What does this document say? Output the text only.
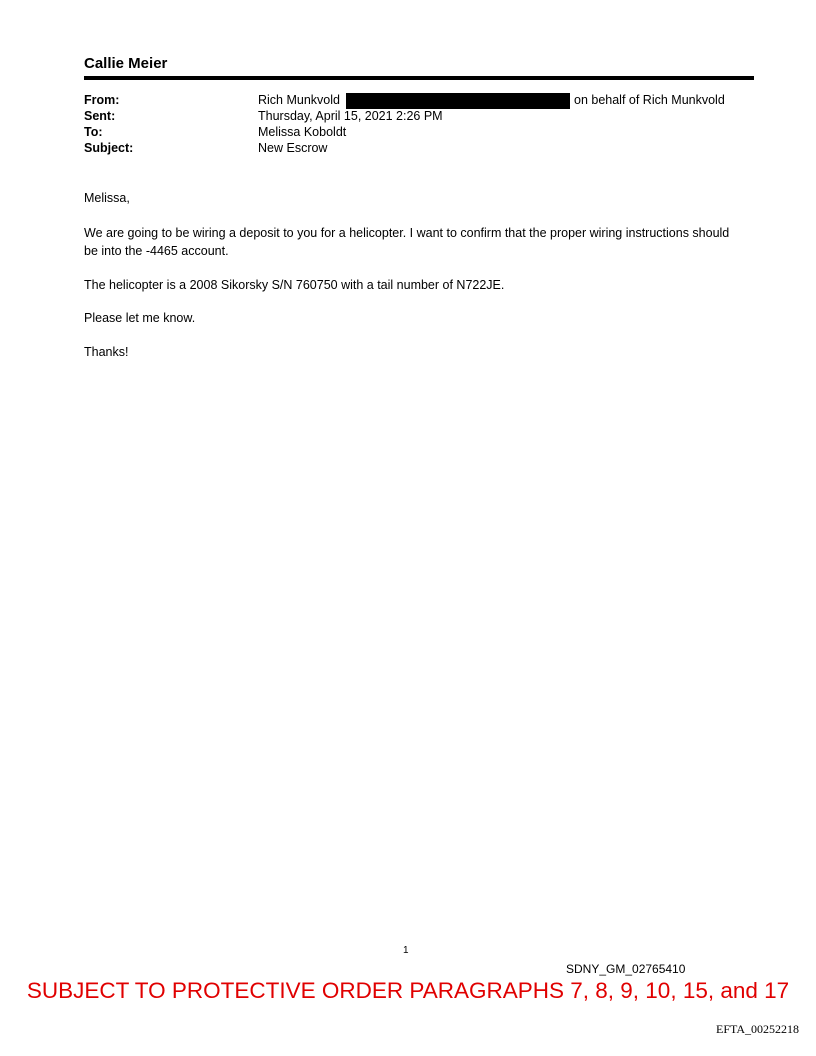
Callie Meier
From:	Rich Munkvold	on behalf of Rich Munkvold
Sent:	Thursday, April 15, 2021 2:26 PM
To:	Melissa Koboldt
Subject:	New Escrow
Melissa,
We are going to be wiring a deposit to you for a helicopter. I want to confirm that the proper wiring instructions should
be into the -4465 account.
The helicopter is a 2008 Sikorsky S/N 760750 with a tail number of N722JE.
Please let me know.
Thanks!
1
SDNY_GM_02765410
SUBJECT TO PROTECTIVE ORDER PARAGRAPHS 7, 8, 9, 10, 15, and 17
EFTA_00252218
